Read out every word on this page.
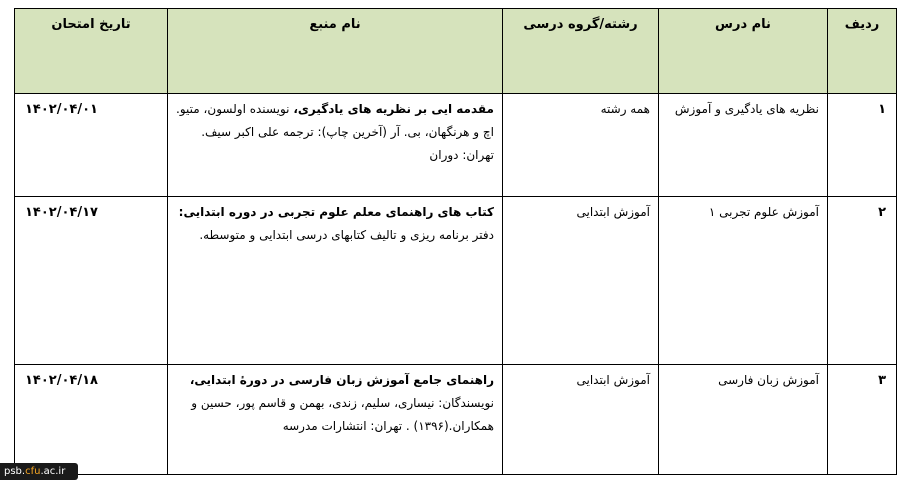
ردیف	نام درس	رشته/گروه درسی	نام منبع	تاریخ امتحان
۱	نظریه های یادگیری و آموزش	همه رشته	مقدمه ایی بر نظریه های یادگیری، نویسنده اولسون، متیو. اچ و هرنگهان، بی. آر (آخرین چاپ): ترجمه علی اکبر سیف. تهران: دوران	۱۴۰۲/۰۴/۰۱
۲	آموزش علوم تجربی ۱	آموزش ابتدایی	کتاب های راهنمای معلم علوم تجربی در دوره ابتدایی: دفتر برنامه ریزی و تالیف کتابهای درسی ابتدایی و متوسطه.	۱۴۰۲/۰۴/۱۷
۳	آموزش زبان فارسی	آموزش ابتدایی	راهنمای جامع آموزش زبان فارسی در دورهٔ ابتدایی، نویسندگان: نیساری، سلیم، زندی، بهمن و قاسم پور، حسین و همکاران.(۱۳۹۶) . تهران: انتشارات مدرسه	۱۴۰۲/۰۴/۱۸
psb.cfu.ac.ir
